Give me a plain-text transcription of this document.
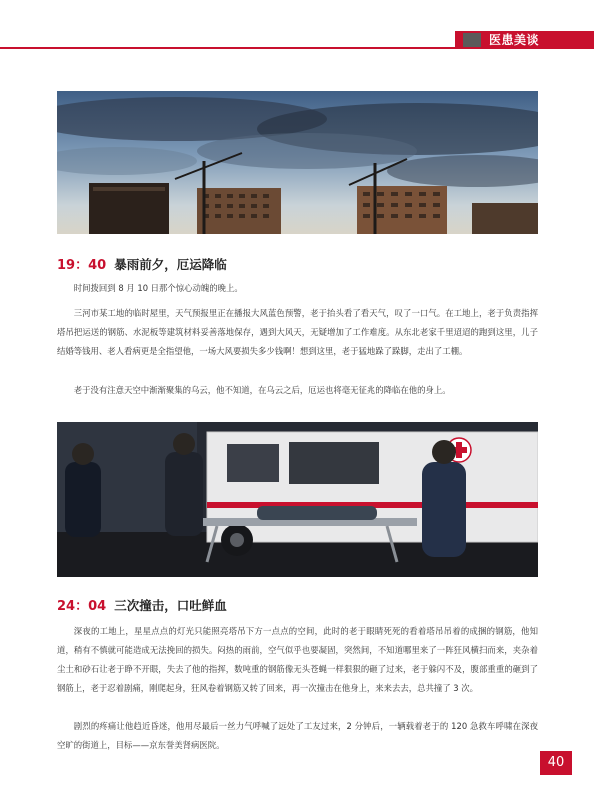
医患美谈
19：40 暴雨前夕，厄运降临

时间拨回到 8 月 10 日那个惊心动魄的晚上。

三河市某工地的临时屋里，天气预报里正在播报大风蓝色预警，老于抬头看了看天气，叹了一口气。在工地上，老于负责指挥塔吊把运送的钢筋、水泥板等建筑材料妥善落地保存，遇到大风天，无疑增加了工作难度。从东北老家千里迢迢的跑到这里，儿子结婚等钱用、老人看病更是全指望他，一场大风要损失多少钱啊！想到这里，老于猛地跺了跺脚，走出了工棚。

老于没有注意天空中渐渐聚集的乌云，他不知道，在乌云之后，厄运也将毫无征兆的降临在他的身上。

24：04 三次撞击，口吐鲜血

深夜的工地上，星星点点的灯光只能照亮塔吊下方一点点的空间，此时的老于眼睛死死的看着塔吊吊着的成捆的钢筋，他知道，稍有不慎就可能造成无法挽回的损失。闷热的雨前，空气似乎也要凝固，突然间，不知道哪里来了一阵狂风横扫而来，夹杂着尘土和砂石让老于睁不开眼，失去了他的指挥，数吨重的钢筋像无头苍蝇一样狠狠的砸了过来，老于躲闪不及，腹部重重的砸到了钢筋上，老于忍着剧痛，刚爬起身，狂风卷着钢筋又转了回来，再一次撞击在他身上，来来去去，总共撞了 3 次。

剧烈的疼痛让他趋近昏迷，他用尽最后一丝力气呼喊了远处了工友过来，2 分钟后，一辆载着老于的 120 急救车呼啸在深夜空旷的街道上，目标——京东誉美肾病医院。

40
